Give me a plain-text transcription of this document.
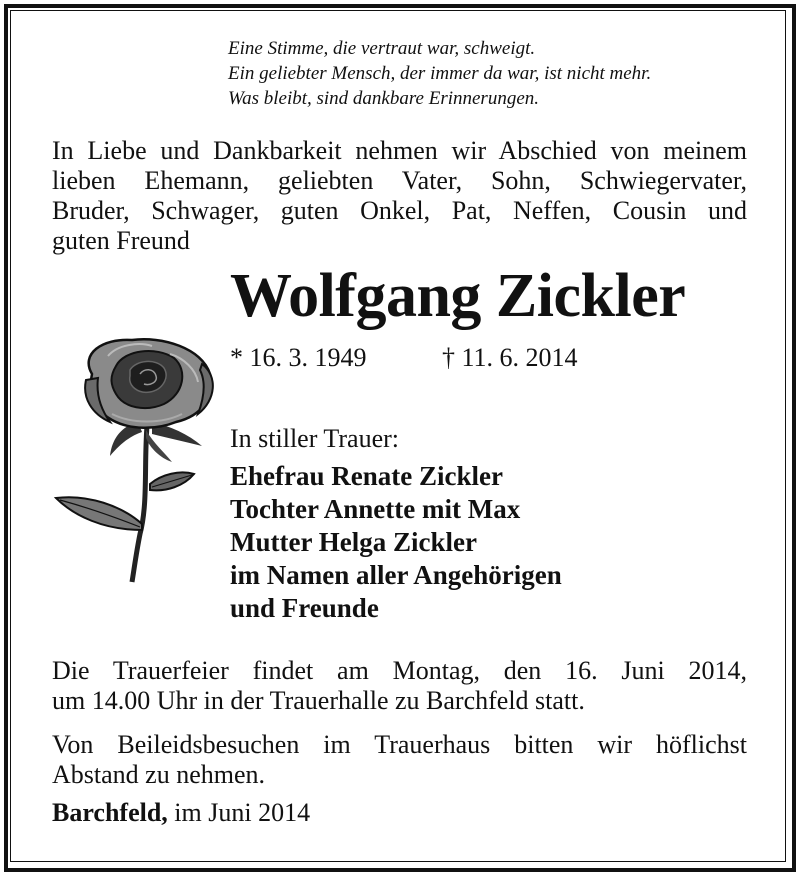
Eine Stimme, die vertraut war, schweigt.
Ein geliebter Mensch, der immer da war, ist nicht mehr.
Was bleibt, sind dankbare Erinnerungen.
In Liebe und Dankbarkeit nehmen wir Abschied von meinem
lieben Ehemann, geliebten Vater, Sohn, Schwiegervater,
Bruder, Schwager, guten Onkel, Pat, Neffen, Cousin und
guten Freund
Wolfgang Zickler
* 16. 3. 1949	† 11. 6. 2014
In stiller Trauer:
Ehefrau Renate Zickler
Tochter Annette mit Max
Mutter Helga Zickler
im Namen aller Angehörigen
und Freunde
Die Trauerfeier findet am Montag, den 16. Juni 2014,
um 14.00 Uhr in der Trauerhalle zu Barchfeld statt.
Von Beileidsbesuchen im Trauerhaus bitten wir höflichst
Abstand zu nehmen.
Barchfeld, im Juni 2014
